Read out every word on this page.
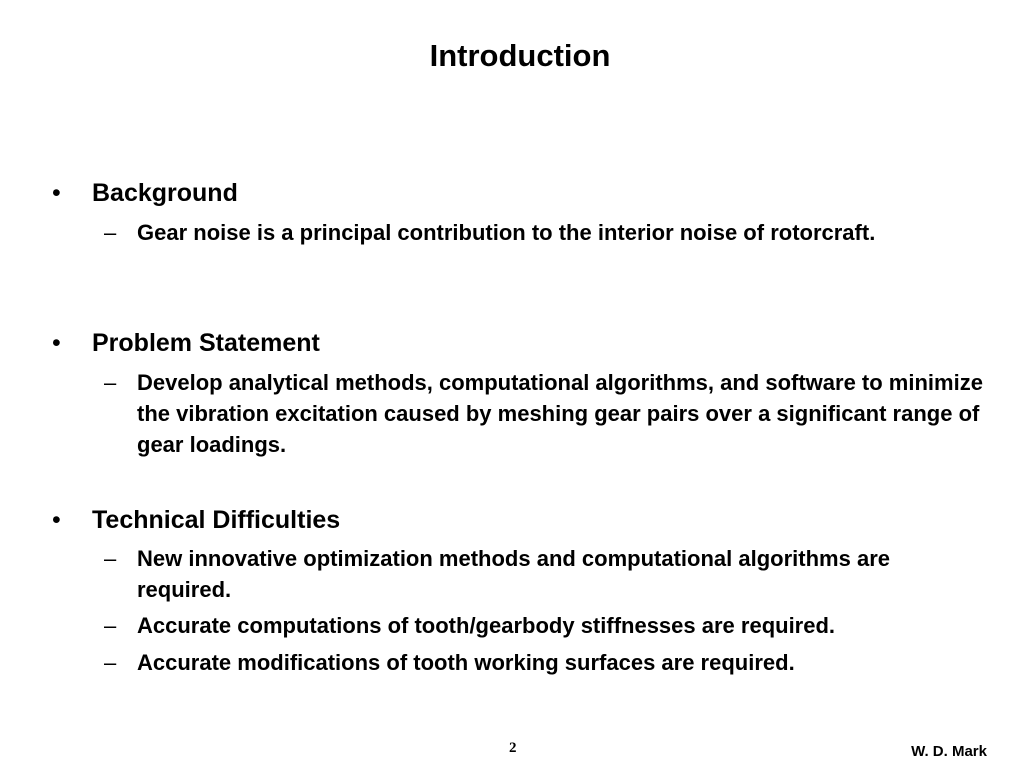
Introduction
•	Background
– Gear noise is a principal contribution to the interior noise of rotorcraft.
•	Problem Statement
– Develop analytical methods, computational algorithms, and software to minimize the vibration excitation caused by meshing gear pairs over a significant range of gear loadings.
•	Technical Difficulties
– New innovative optimization methods and computational algorithms are required.
– Accurate computations of tooth/gearbody stiffnesses are required.
– Accurate modifications of tooth working surfaces are required.
2	W. D. Mark
